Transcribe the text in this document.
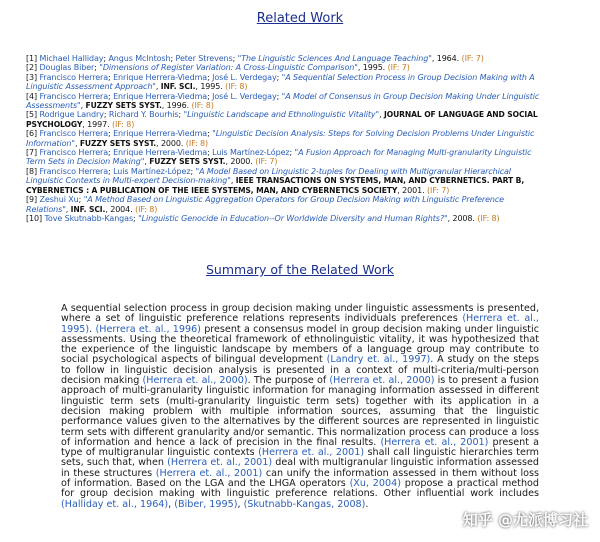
Related Work

[1] Michael Halliday; Angus McIntosh; Peter Strevens; "The Linguistic Sciences And Language Teaching", 1964. (IF: 7)

[2] Douglas Biber; "Dimensions of Register Variation: A Cross-Linguistic Comparison", 1995. (IF: 7)

[3] Francisco Herrera; Enrique Herrera-Viedma; José L. Verdegay; "A Sequential Selection Process in Group Decision Making with A Linguistic Assessment Approach", INF. SCI., 1995. (IF: 8)

[4] Francisco Herrera; Enrique Herrera-Viedma; José L. Verdegay; "A Model of Consensus in Group Decision Making Under Linguistic Assessments", FUZZY SETS SYST., 1996. (IF: 8)

[5] Rodrigue Landry; Richard Y. Bourhis; "Linguistic Landscape and Ethnolinguistic Vitality", JOURNAL OF LANGUAGE AND SOCIAL PSYCHOLOGY, 1997. (IF: 8)

[6] Francisco Herrera; Enrique Herrera-Viedma; "Linguistic Decision Analysis: Steps for Solving Decision Problems Under Linguistic Information", FUZZY SETS SYST., 2000. (IF: 8)

[7] Francisco Herrera; Enrique Herrera-Viedma; Luis Martínez-López; "A Fusion Approach for Managing Multi-granularity Linguistic Term Sets in Decision Making", FUZZY SETS SYST., 2000. (IF: 7)

[8] Francisco Herrera; Luis Martínez-López; "A Model Based on Linguistic 2-tuples for Dealing with Multigranular Hierarchical Linguistic Contexts in Multi-expert Decision-making", IEEE TRANSACTIONS ON SYSTEMS, MAN, AND CYBERNETICS. PART B, CYBERNETICS : A PUBLICATION OF THE IEEE SYSTEMS, MAN, AND CYBERNETICS SOCIETY, 2001. (IF: 7)

[9] Zeshui Xu; "A Method Based on Linguistic Aggregation Operators for Group Decision Making with Linguistic Preference Relations", INF. SCI., 2004. (IF: 8)

[10] Tove Skutnabb-Kangas; "Linguistic Genocide in Education--Or Worldwide Diversity and Human Rights?", 2008. (IF: 8)

Summary of the Related Work
A sequential selection process in group decision making under linguistic assessments is presented, where a set of linguistic preference relations represents individuals preferences (Herrera et. al., 1995). (Herrera et. al., 1996) present a consensus model in group decision making under linguistic assessments. Using the theoretical framework of ethnolinguistic vitality, it was hypothesized that the experience of the linguistic landscape by members of a language group may contribute to social psychological aspects of bilingual development (Landry et. al., 1997). A study on the steps to follow in linguistic decision analysis is presented in a context of multi-criteria/multi-person decision making (Herrera et. al., 2000). The purpose of (Herrera et. al., 2000) is to present a fusion approach of multi-granularity linguistic information for managing information assessed in different linguistic term sets (multi-granularity linguistic term sets) together with its application in a decision making problem with multiple information sources, assuming that the linguistic performance values given to the alternatives by the different sources are represented in linguistic term sets with different granularity and/or semantic. This normalization process can produce a loss of information and hence a lack of precision in the final results. (Herrera et. al., 2001) present a type of multigranular linguistic contexts (Herrera et. al., 2001) shall call linguistic hierarchies term sets, such that, when (Herrera et. al., 2001) deal with multigranular linguistic information assessed in these structures (Herrera et. al., 2001) can unify the information assessed in them without loss of information. Based on the LGA and the LHGA operators (Xu, 2004) propose a practical method for group decision making with linguistic preference relations. Other influential work includes (Halliday et. al., 1964), (Biber, 1995), (Skutnabb-Kangas, 2008).
知乎 @尤派博习社
